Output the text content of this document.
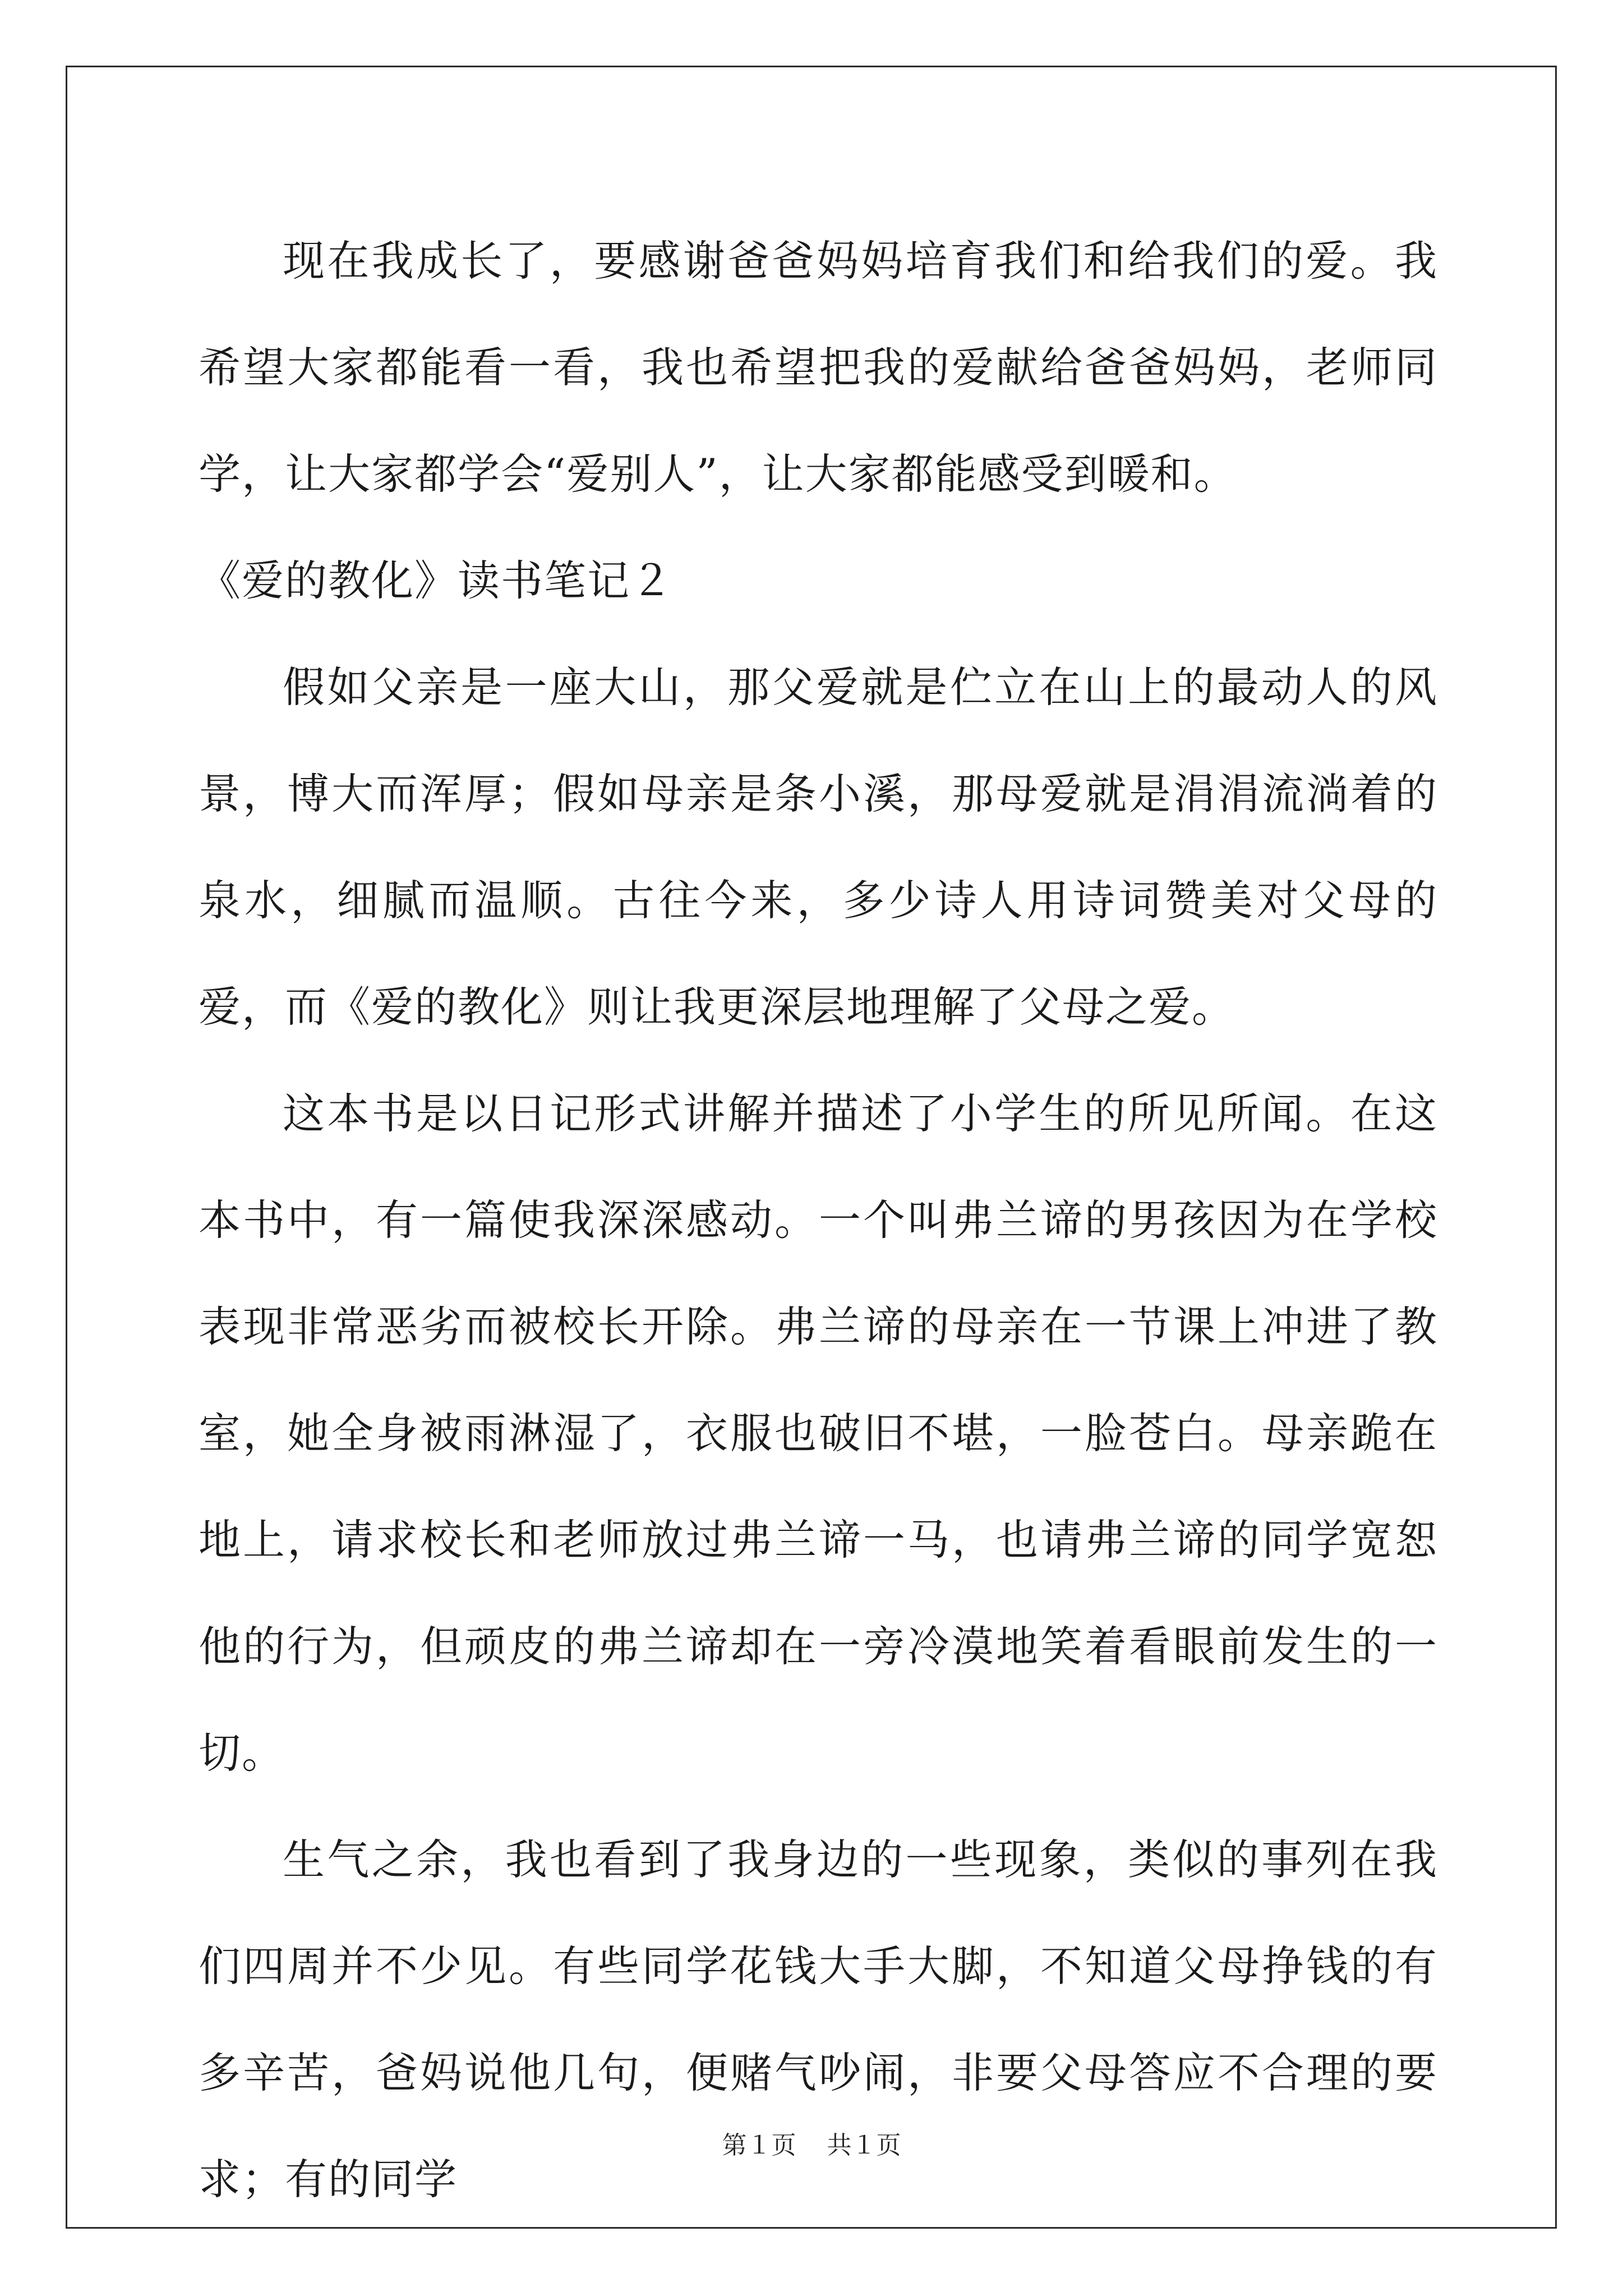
现在我成长了，要感谢爸爸妈妈培育我们和给我们的爱。我希望大家都能看一看，我也希望把我的爱献给爸爸妈妈，老师同学，让大家都学会“爱别人”，让大家都能感受到暖和。

《爱的教化》读书笔记２

假如父亲是一座大山，那父爱就是伫立在山上的最动人的风景，博大而浑厚；假如母亲是条小溪，那母爱就是涓涓流淌着的泉水，细腻而温顺。古往今来，多少诗人用诗词赞美对父母的爱，而《爱的教化》则让我更深层地理解了父母之爱。

这本书是以日记形式讲解并描述了小学生的所见所闻。在这本书中，有一篇使我深深感动。一个叫弗兰谛的男孩因为在学校表现非常恶劣而被校长开除。弗兰谛的母亲在一节课上冲进了教室，她全身被雨淋湿了，衣服也破旧不堪，一脸苍白。母亲跪在地上，请求校长和老师放过弗兰谛一马，也请弗兰谛的同学宽恕他的行为，但顽皮的弗兰谛却在一旁冷漠地笑着看眼前发生的一切。

生气之余，我也看到了我身边的一些现象，类似的事列在我们四周并不少见。有些同学花钱大手大脚，不知道父母挣钱的有多辛苦，爸妈说他几句，便赌气吵闹，非要父母答应不合理的要求；有的同学

第１页 共１页
